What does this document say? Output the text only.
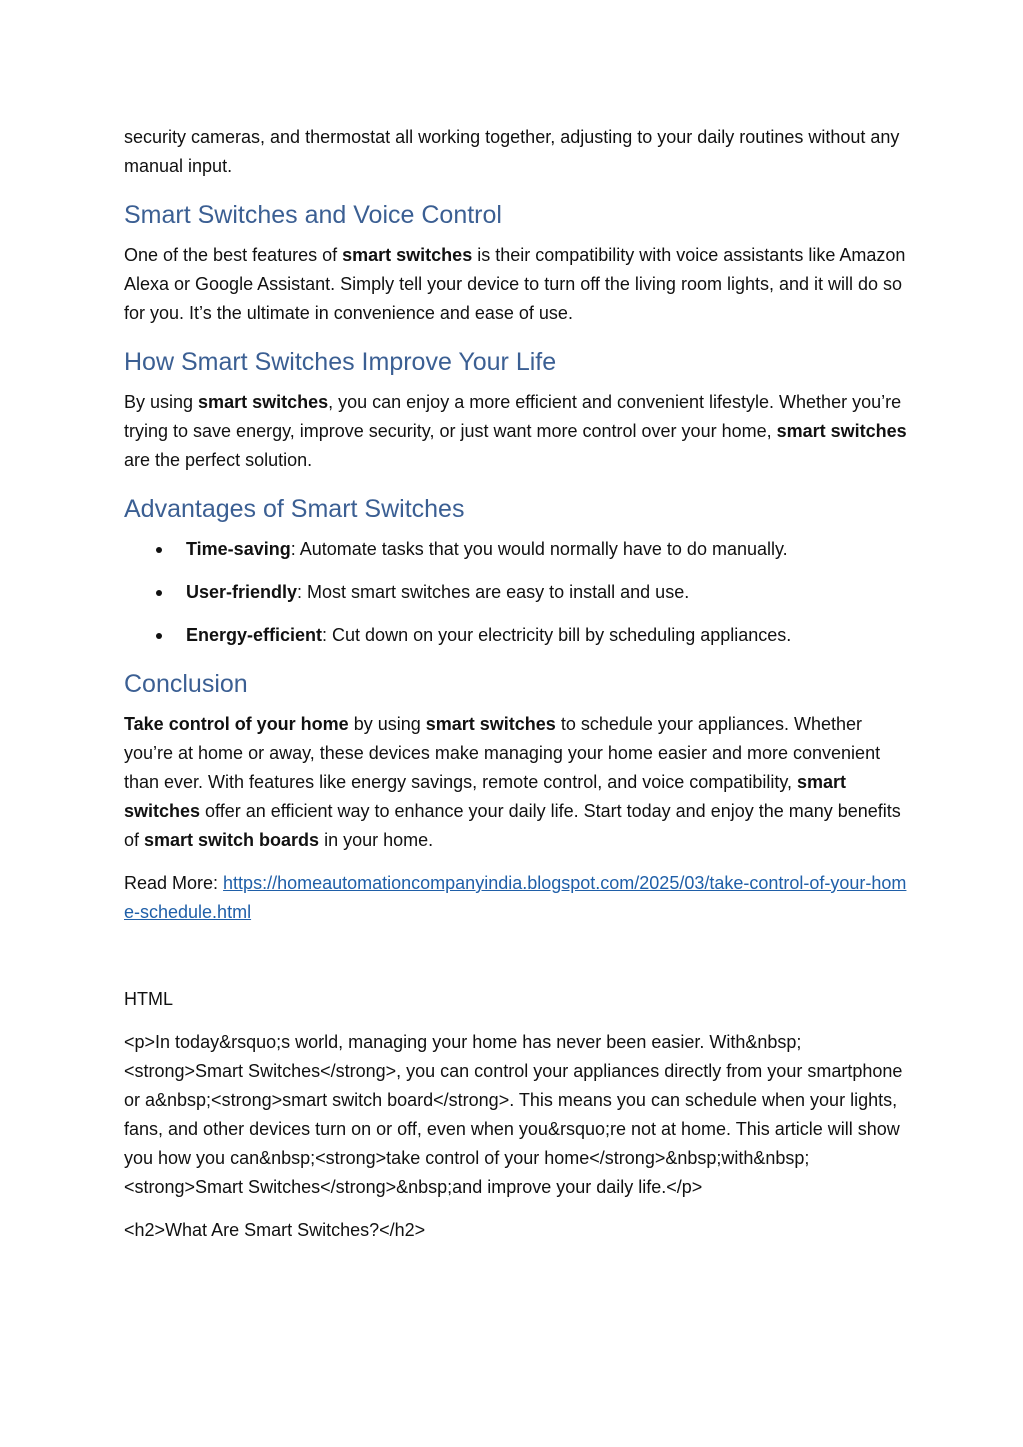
security cameras, and thermostat all working together, adjusting to your daily routines without any manual input.

Smart Switches and Voice Control

One of the best features of smart switches is their compatibility with voice assistants like Amazon Alexa or Google Assistant. Simply tell your device to turn off the living room lights, and it will do so for you. It’s the ultimate in convenience and ease of use.

How Smart Switches Improve Your Life

By using smart switches, you can enjoy a more efficient and convenient lifestyle. Whether you’re trying to save energy, improve security, or just want more control over your home, smart switches are the perfect solution.

Advantages of Smart Switches
Time-saving: Automate tasks that you would normally have to do manually.
User-friendly: Most smart switches are easy to install and use.
Energy-efficient: Cut down on your electricity bill by scheduling appliances.
Conclusion

Take control of your home by using smart switches to schedule your appliances. Whether you’re at home or away, these devices make managing your home easier and more convenient than ever. With features like energy savings, remote control, and voice compatibility, smart switches offer an efficient way to enhance your daily life. Start today and enjoy the many benefits of smart switch boards in your home.

Read More: https://homeautomationcompanyindia.blogspot.com/2025/03/take-control-of-your-home-schedule.html

HTML

<p>In today&rsquo;s world, managing your home has never been easier. With&nbsp;<strong>Smart Switches</strong>, you can control your appliances directly from your smartphone or a&nbsp;<strong>smart switch board</strong>. This means you can schedule when your lights, fans, and other devices turn on or off, even when you&rsquo;re not at home. This article will show you how you can&nbsp;<strong>take control of your home</strong>&nbsp;with&nbsp;<strong>Smart Switches</strong>&nbsp;and improve your daily life.</p>

<h2>What Are Smart Switches?</h2>
